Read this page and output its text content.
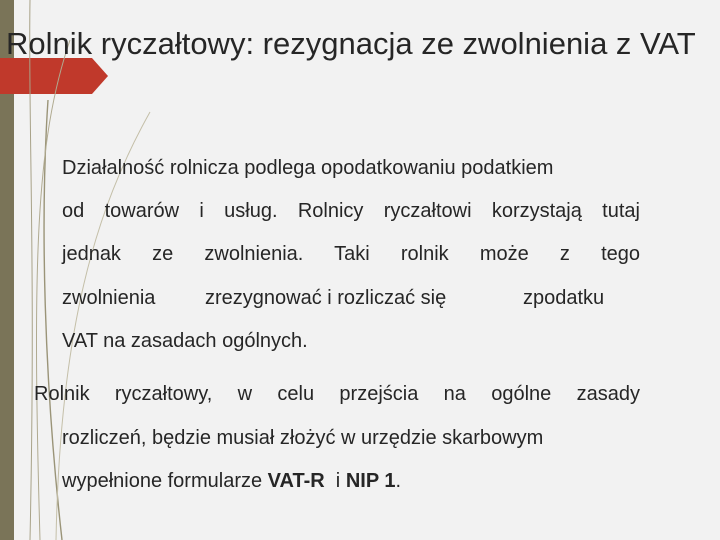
Rolnik ryczałtowy: rezygnacja ze zwolnienia z VAT
Działalność rolnicza podlega opodatkowaniu podatkiem
od towarów i usług. Rolnicy ryczałtowi korzystają tutaj
jednak ze zwolnienia. Taki rolnik może z tego
zwolnienia zrezygnować i rozliczać się	zpodatku
VAT na zasadach ogólnych.
Rolnik ryczałtowy, w celu przejścia na ogólne zasady
rozliczeń, będzie musiał złożyć w urzędzie skarbowym
wypełnione formularze VAT-R  i NIP 1.
